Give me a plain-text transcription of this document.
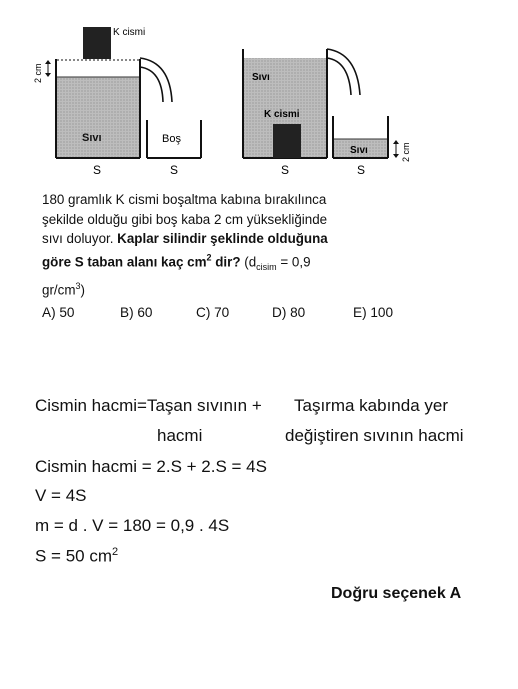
K cismi
2 cm
Sıvı	Boş
Sıvı
K cismi
Sıvı	2 cm
S	S	S	S
180 gramlık K cismi boşaltma kabına bırakılınca
şekilde olduğu gibi boş kaba 2 cm yüksekliğinde
sıvı doluyor. Kaplar silindir şeklinde olduğuna
göre S taban alanı kaç $cm^2$ dir? ($d_{cisim} = 0,9$
$gr/cm^3$)
A) 50	B) 60	C) 70	D) 80	E) 100
Cismin hacmi=Taşan sıvının + Taşırma kabında yer
hacmi	değiştiren sıvının hacmi
Cismin hacmi = 2.S + 2.S = 4S
V = 4S
m = d . V = 180 = 0,9 . 4S
S = 50 $cm^2$
Doğru seçenek A
